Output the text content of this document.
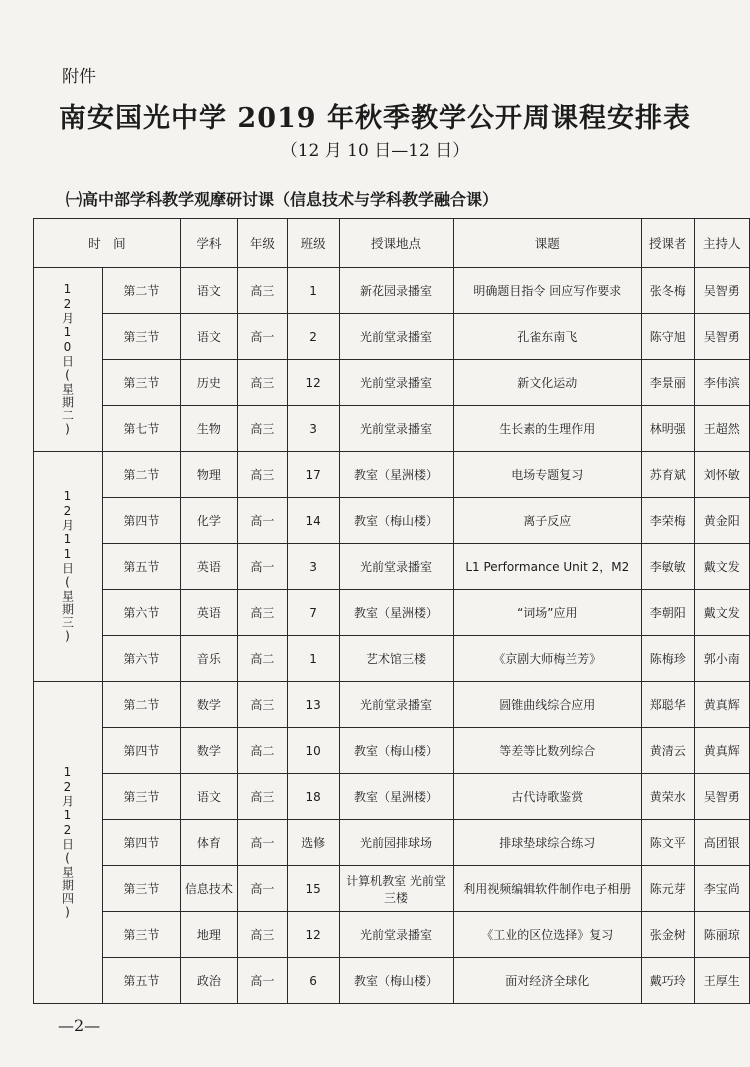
附件
南安国光中学 2019 年秋季教学公开周课程安排表
（12 月 10 日—12 日）
㈠高中部学科教学观摩研讨课（信息技术与学科教学融合课）
时　间		学科	年级	班级	授课地点	课题	授课者	主持人
12月10日(星期二)	第二节	语文	高三	1	新花园录播室	明确题目指令 回应写作要求	张冬梅	吴智勇
	第三节	语文	高一	2	光前堂录播室	孔雀东南飞	陈守旭	吴智勇
	第三节	历史	高三	12	光前堂录播室	新文化运动	李景丽	李伟滨
	第七节	生物	高三	3	光前堂录播室	生长素的生理作用	林明强	王超然
12月11日(星期三)	第二节	物理	高三	17	教室（星洲楼）	电场专题复习	苏育斌	刘怀敏
	第四节	化学	高一	14	教室（梅山楼）	离子反应	李荣梅	黄金阳
	第五节	英语	高一	3	光前堂录播室	L1 Performance Unit 2，M2	李敏敏	戴文发
	第六节	英语	高三	7	教室（星洲楼）	“词场”应用	李朝阳	戴文发
	第六节	音乐	高二	1	艺术馆三楼	《京剧大师梅兰芳》	陈梅珍	郭小南
12月12日(星期四)	第二节	数学	高三	13	光前堂录播室	圆锥曲线综合应用	郑聪华	黄真辉
	第四节	数学	高二	10	教室（梅山楼）	等差等比数列综合	黄清云	黄真辉
	第三节	语文	高三	18	教室（星洲楼）	古代诗歌鉴赏	黄荣水	吴智勇
	第四节	体育	高一	选修	光前园排球场	排球垫球综合练习	陈文平	高团银
	第三节	信息技术	高一	15	计算机教室 光前堂三楼	利用视频编辑软件制作电子相册	陈元芽	李宝尚
	第三节	地理	高三	12	光前堂录播室	《工业的区位选择》复习	张金树	陈丽琼
	第五节	政治	高一	6	教室（梅山楼）	面对经济全球化	戴巧玲	王厚生
—2—
